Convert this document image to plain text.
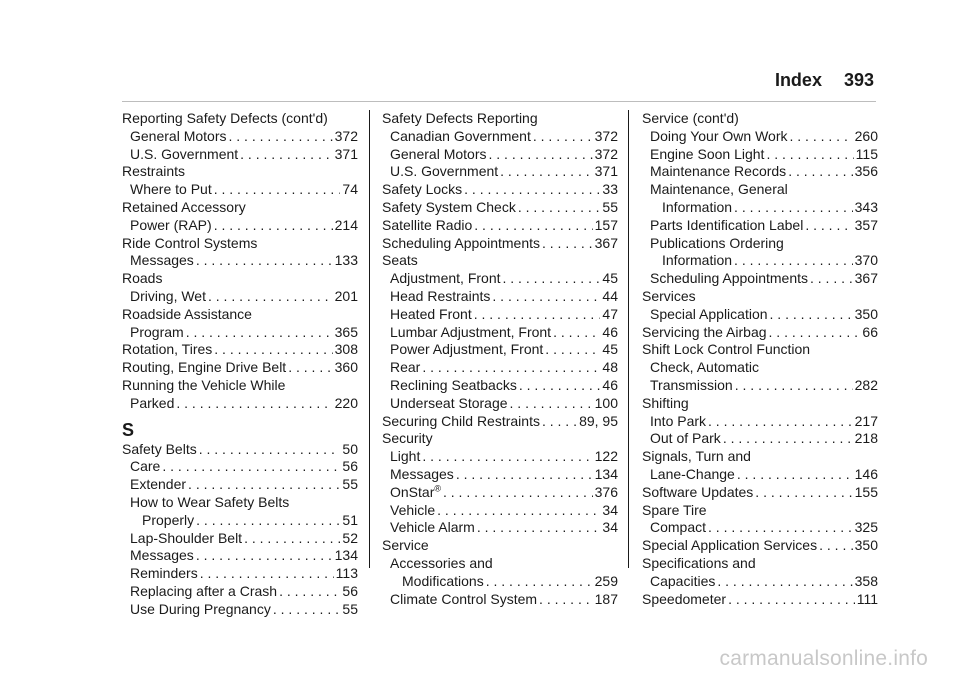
Index 393
Reporting Safety Defects (cont'd)
General Motors . . .	372
U.S. Government . . .	371
Restraints
Where to Put . . .	74
Retained Accessory
Power (RAP) . . .	214
Ride Control Systems
Messages . . .	133
Roads
Driving, Wet . . .	201
Roadside Assistance
Program . . .	365
Rotation, Tires . . .	308
Routing, Engine Drive Belt . . .	360
Running the Vehicle While
Parked . . .	220
S
Safety Belts . . .	50
Care . . .	56
Extender . . .	55
How to Wear Safety Belts
Properly . . .	51
Lap-Shoulder Belt . . .	52
Messages . . .	134
Reminders . . .	113
Replacing after a Crash . . .	56
Use During Pregnancy . . .	55
Safety Defects Reporting
Canadian Government . . .	372
General Motors . . .	372
U.S. Government . . .	371
Safety Locks . . .	33
Safety System Check . . .	55
Satellite Radio . . .	157
Scheduling Appointments . . .	367
Seats
Adjustment, Front . . .	45
Head Restraints . . .	44
Heated Front . . .	47
Lumbar Adjustment, Front . . .	46
Power Adjustment, Front . . .	45
Rear . . .	48
Reclining Seatbacks . . .	46
Underseat Storage . . .	100
Securing Child Restraints . . .	89, 95
Security
Light . . .	122
Messages . . .	134
OnStar® . . .	376
Vehicle . . .	34
Vehicle Alarm . . .	34
Service
Accessories and
Modifications . . .	259
Climate Control System . . .	187
Service (cont'd)
Doing Your Own Work . . .	260
Engine Soon Light . . .	115
Maintenance Records . . .	356
Maintenance, General
Information . . .	343
Parts Identification Label . . .	357
Publications Ordering
Information . . .	370
Scheduling Appointments . . .	367
Services
Special Application . . .	350
Servicing the Airbag . . .	66
Shift Lock Control Function
Check, Automatic
Transmission . . .	282
Shifting
Into Park . . .	217
Out of Park . . .	218
Signals, Turn and
Lane-Change . . .	146
Software Updates . . .	155
Spare Tire
Compact . . .	325
Special Application Services . . .	350
Specifications and
Capacities . . .	358
Speedometer . . .	111
carmanualsonline.info
